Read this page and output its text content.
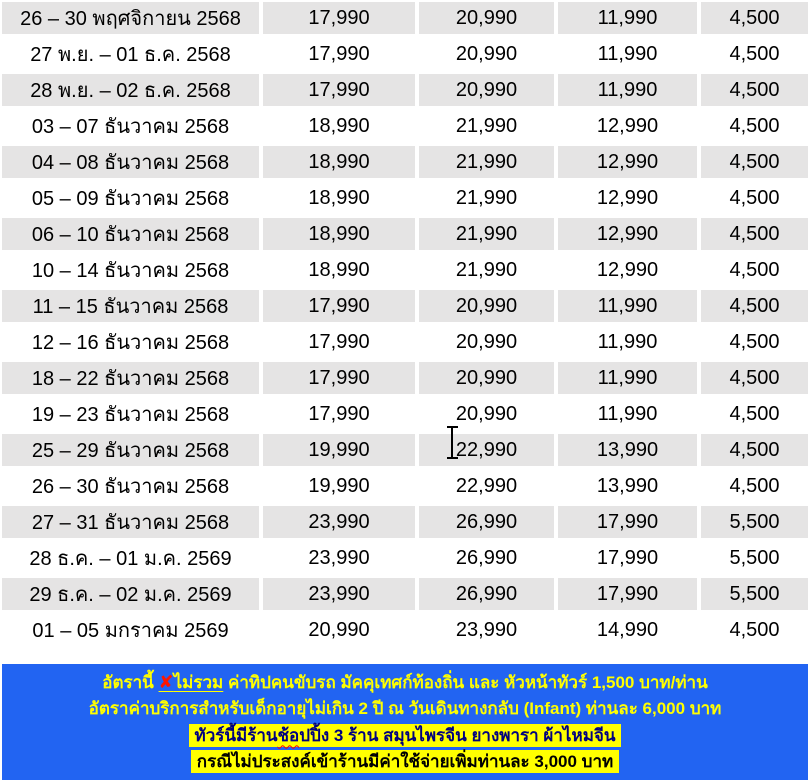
26 – 30 พฤศจิกายน 2568	17,990	20,990	11,990	4,500
27 พ.ย. – 01 ธ.ค. 2568	17,990	20,990	11,990	4,500
28 พ.ย. – 02 ธ.ค. 2568	17,990	20,990	11,990	4,500
03 – 07 ธันวาคม 2568	18,990	21,990	12,990	4,500
04 – 08 ธันวาคม 2568	18,990	21,990	12,990	4,500
05 – 09 ธันวาคม 2568	18,990	21,990	12,990	4,500
06 – 10 ธันวาคม 2568	18,990	21,990	12,990	4,500
10 – 14 ธันวาคม 2568	18,990	21,990	12,990	4,500
11 – 15 ธันวาคม 2568	17,990	20,990	11,990	4,500
12 – 16 ธันวาคม 2568	17,990	20,990	11,990	4,500
18 – 22 ธันวาคม 2568	17,990	20,990	11,990	4,500
19 – 23 ธันวาคม 2568	17,990	20,990	11,990	4,500
25 – 29 ธันวาคม 2568	19,990	22,990	13,990	4,500
26 – 30 ธันวาคม 2568	19,990	22,990	13,990	4,500
27 – 31 ธันวาคม 2568	23,990	26,990	17,990	5,500
28 ธ.ค. – 01 ม.ค. 2569	23,990	26,990	17,990	5,500
29 ธ.ค. – 02 ม.ค. 2569	23,990	26,990	17,990	5,500
01 – 05 มกราคม 2569	20,990	23,990	14,990	4,500
อัตรานี้ ✘ไม่รวม ค่าทิปคนขับรถ มัคคุเทศก์ท้องถิ่น และ หัวหน้าทัวร์ 1,500 บาท/ท่าน
อัตราค่าบริการสำหรับเด็กอายุไม่เกิน 2 ปี ณ วันเดินทางกลับ (Infant) ท่านละ 6,000 บาท
ทัวร์นี้มีร้านช้อปปิ้ง 3 ร้าน สมุนไพรจีน ยางพารา ผ้าไหมจีน
กรณีไม่ประสงค์เข้าร้านมีค่าใช้จ่ายเพิ่มท่านละ 3,000 บาท
